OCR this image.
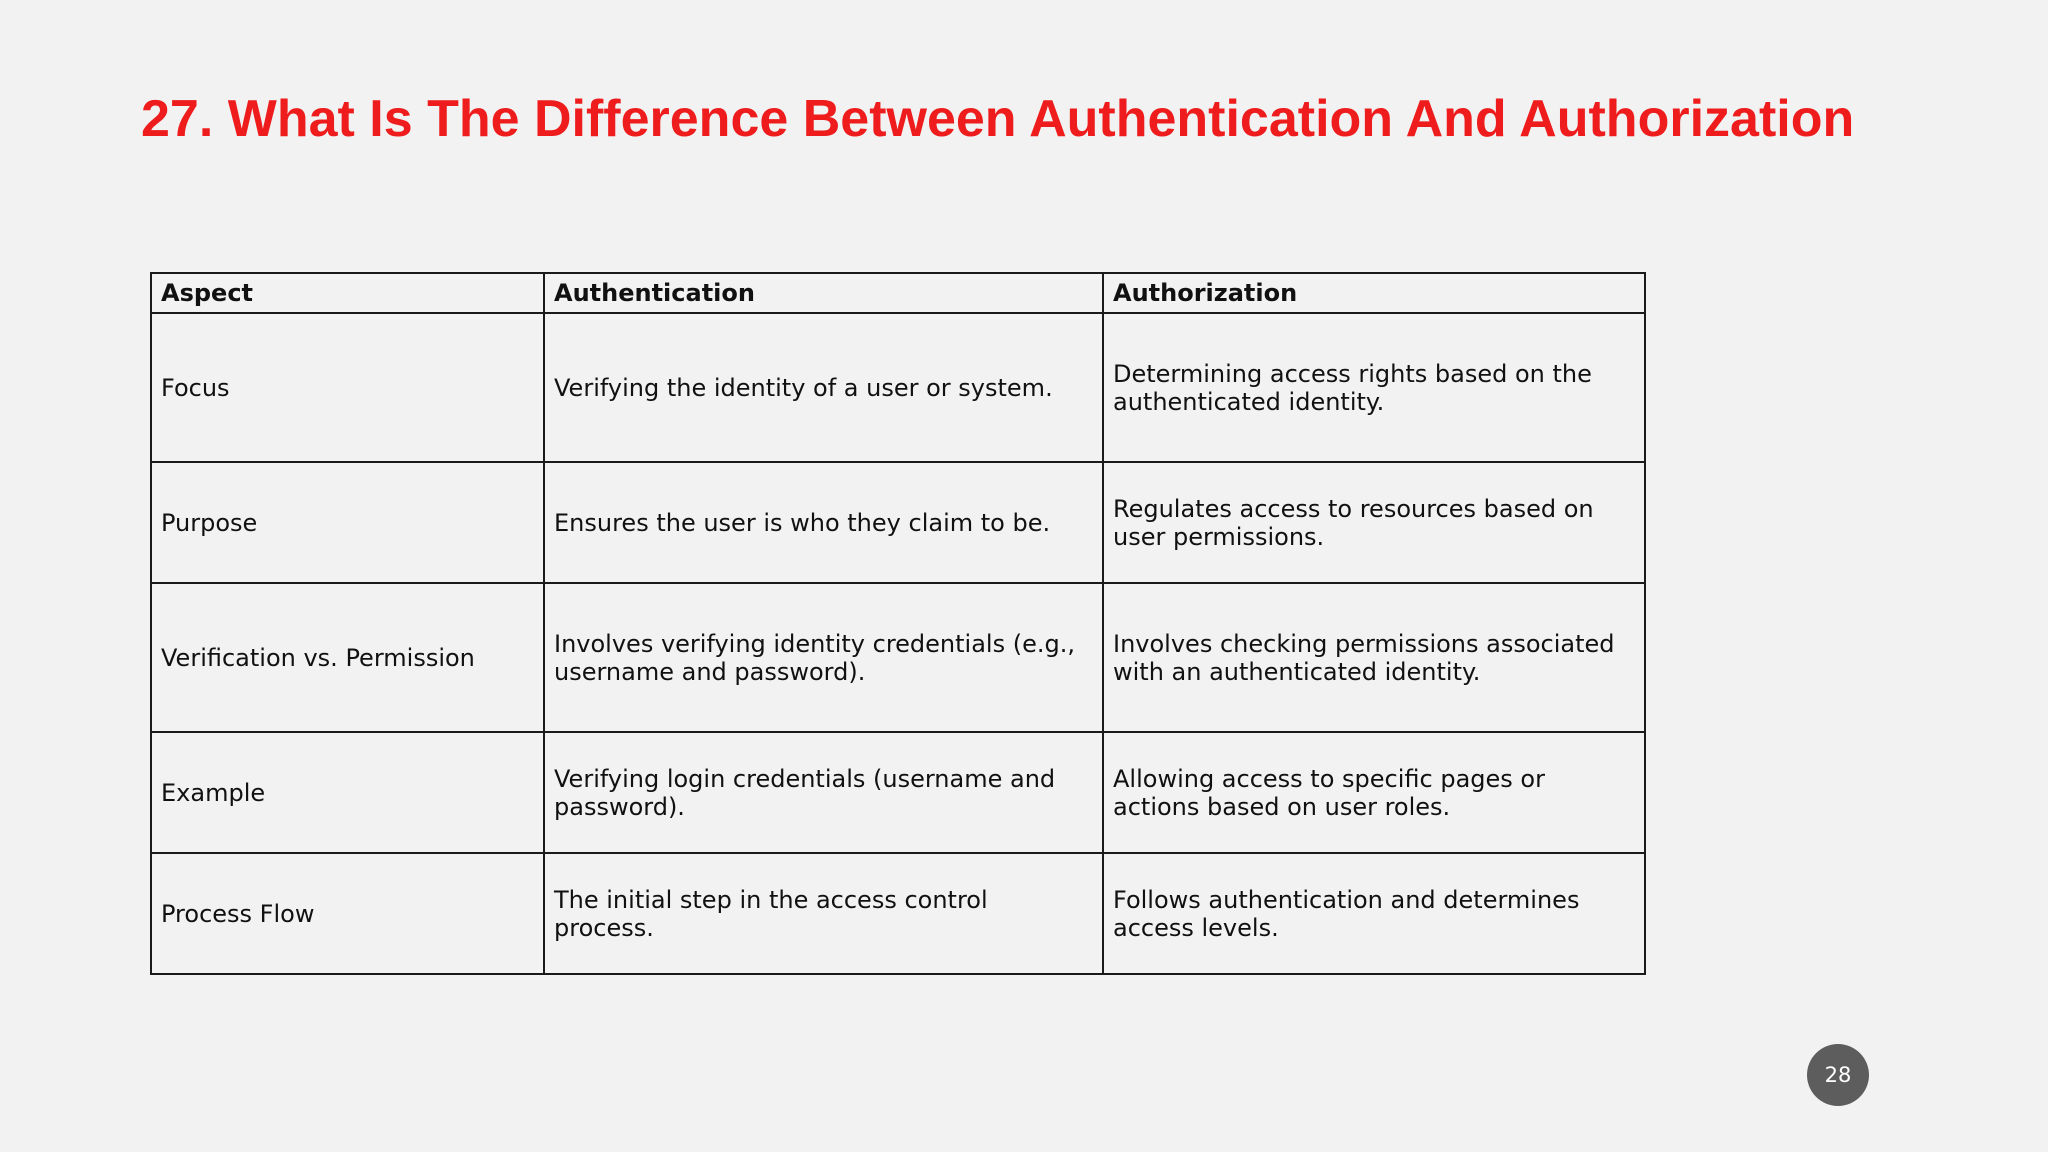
27. What Is The Difference Between Authentication And Authorization
Aspect	Authentication	Authorization
Focus	Verifying the identity of a user or system.	Determining access rights based on the authenticated identity.
Purpose	Ensures the user is who they claim to be.	Regulates access to resources based on user permissions.
Verification vs. Permission	Involves verifying identity credentials (e.g., username and password).	Involves checking permissions associated with an authenticated identity.
Example	Verifying login credentials (username and password).	Allowing access to specific pages or actions based on user roles.
Process Flow	The initial step in the access control process.	Follows authentication and determines access levels.
28
